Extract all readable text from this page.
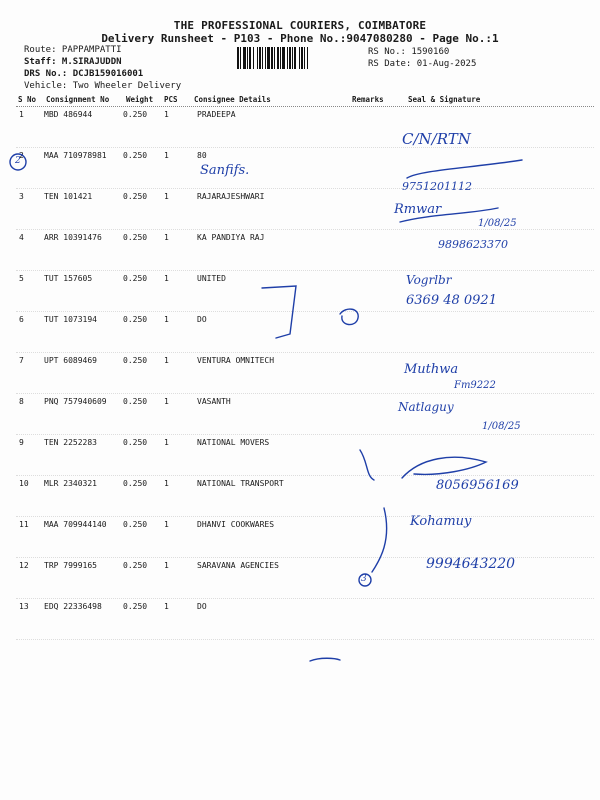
THE PROFESSIONAL COURIERS, COIMBATORE
Delivery Runsheet - P103 - Phone No.:9047080280 - Page No.:1
Route: PAPPAMPATTI
Staff: M.SIRAJUDDN
DRS No.: DCJB159016001
Vehicle: Two Wheeler Delivery
RS No.: 1590160
RS Date: 01-Aug-2025
S No Consignment No Weight PCS Consignee Details	Remarks	Seal & Signature
1	MBD 486944	0.250 1	PRADEEPA
2	MAA 710978981 0.250 1	80
3	TEN 101421	0.250 1	RAJARAJESHWARI
4	ARR 10391476	0.250 1	KA PANDIYA RAJ
5	TUT 157605	0.250 1	UNITED
6	TUT 1073194	0.250 1	DO
7	UPT 6089469	0.250 1	VENTURA OMNITECH
8	PNQ 757940609 0.250 1	VASANTH
9	TEN 2252283	0.250 1	NATIONAL MOVERS
10 MLR 2340321	0.250 1	NATIONAL TRANSPORT
11 MAA 709944140 0.250 1	DHANVI COOKWARES
12 TRP 7999165	0.250 1	SARAVANA AGENCIES
13 EDQ 22336498	0.250 1	DO
C/N/RTN
Sanfifs.
9751201112
Rmwar
1/08/25
9898623370
Vogrlbr
6369 48 0921
Muthwa
Fm9222
Natlaguy
1/08/25
8056956169
Kohamuy
9994643220
2
3
